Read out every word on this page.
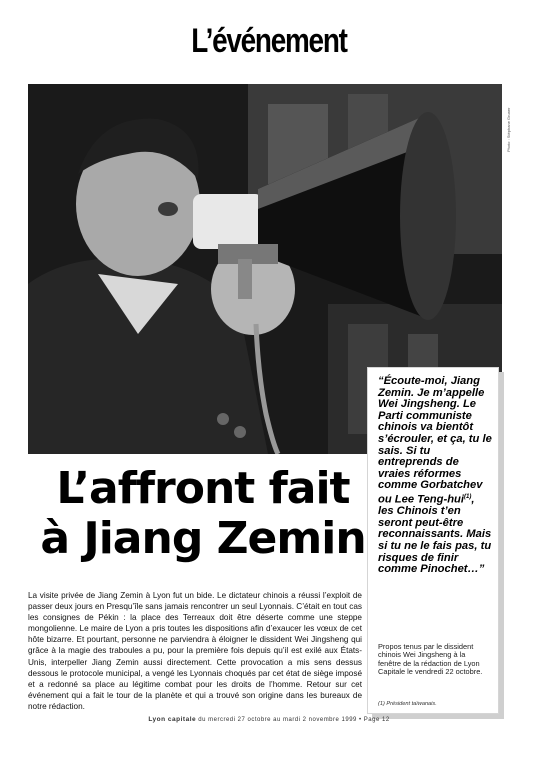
L’événement
Photo : Stéphane Gruner
L’affront fait
à Jiang Zemin
La visite privée de Jiang Zemin à Lyon fut un bide. Le dictateur chinois a réussi l’exploit de passer deux jours en Presqu’île sans jamais rencontrer un seul Lyonnais. C’était en tout cas les consignes de Pékin : la place des Terreaux doit être déserte comme une steppe mongolienne. Le maire de Lyon a pris toutes les dispositions afin d’exaucer les vœux de cet hôte bizarre. Et pourtant, personne ne parviendra à éloigner le dissident Wei Jingsheng qui grâce à la magie des traboules a pu, pour la première fois depuis qu’il est exilé aux États-Unis, interpeller Jiang Zemin aussi directement. Cette provocation a mis sens dessus dessous le protocole municipal, a vengé les Lyonnais choqués par cet état de siège imposé et a redonné sa place au légitime combat pour les droits de l’homme. Retour sur cet événement qui a fait le tour de la planète et qui a trouvé son origine dans les bureaux de notre rédaction.
“Écoute-moi, Jiang Zemin. Je m’appelle Wei Jingsheng. Le Parti communiste chinois va bientôt s’écrouler, et ça, tu le sais. Si tu entreprends de vraies réformes comme Gorbatchev ou Lee Teng-hui$^{(1)}$, les Chinois t’en seront peut-être reconnaissants. Mais si tu ne le fais pas, tu risques de finir comme Pinochet…”
Propos tenus par le dissident chinois Wei Jingsheng à la fenêtre de la rédaction de Lyon Capitale le vendredi 22 octobre.
(1) Président taïwanais.
Lyon capitale du mercredi 27 octobre au mardi 2 novembre 1999 • Page 12
